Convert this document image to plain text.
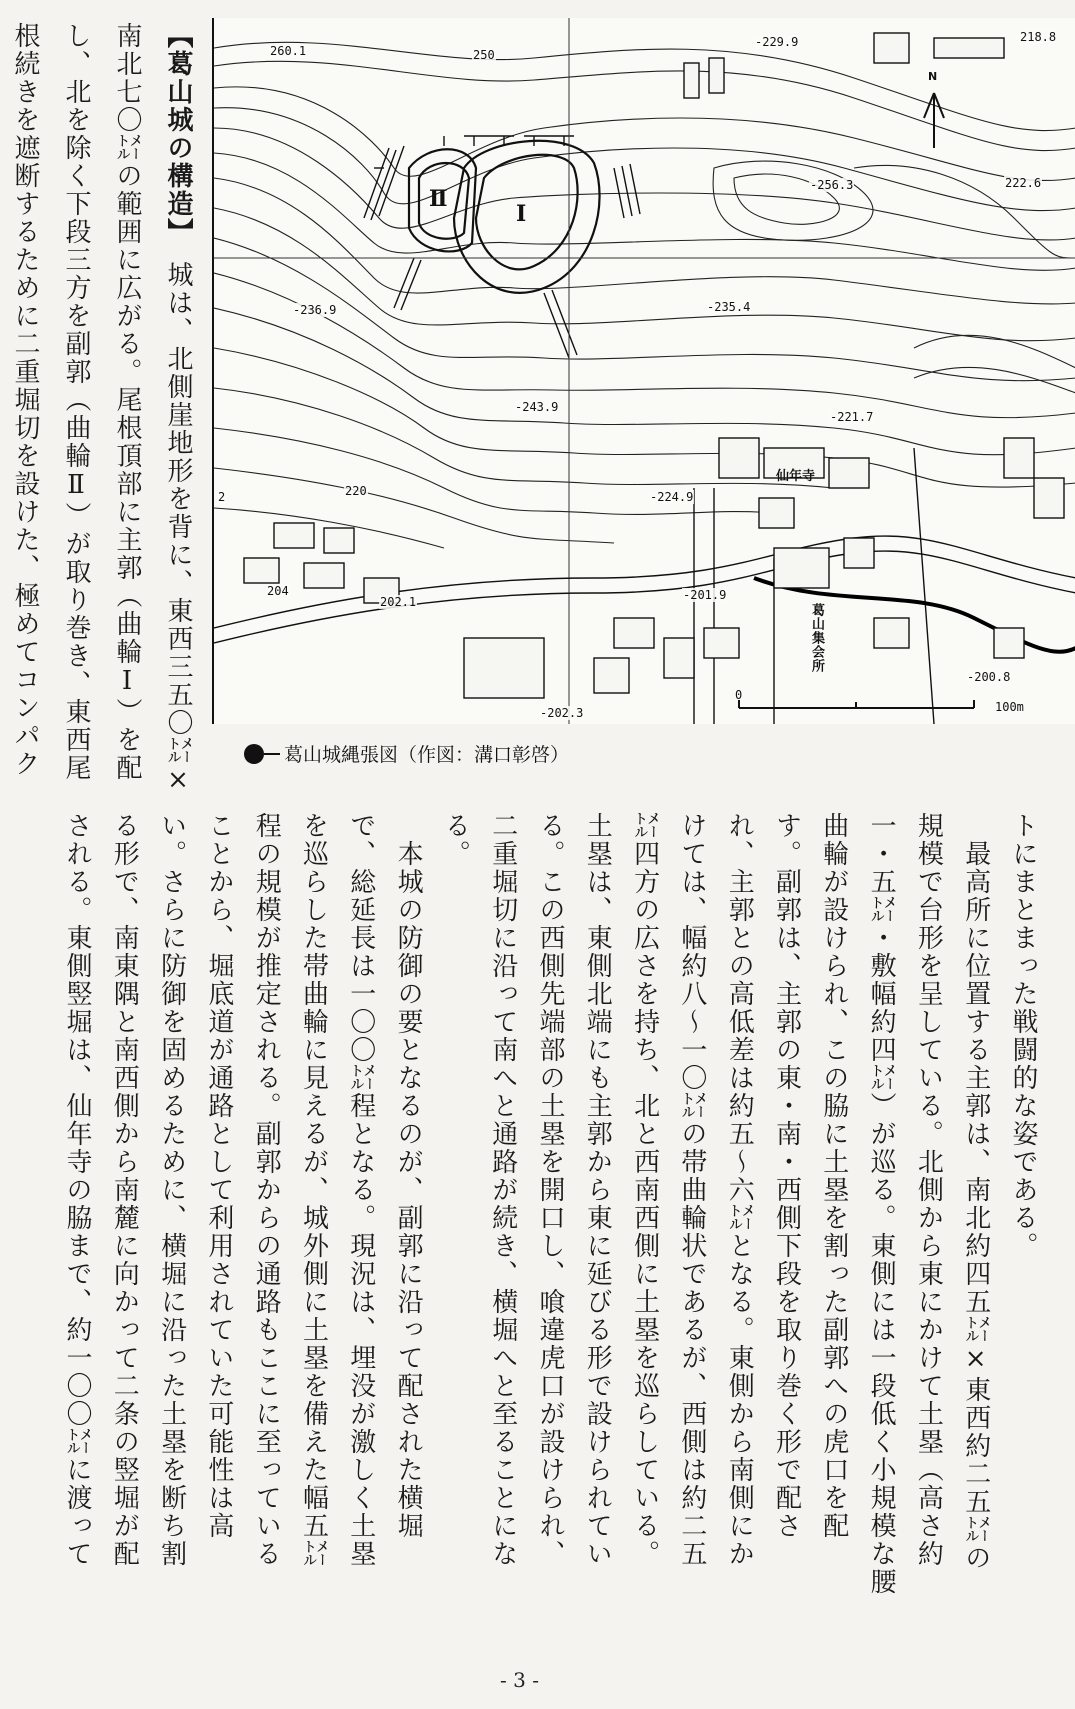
【葛山城の構造】　城は、北側崖地形を背に、東西三五〇㍍×
南北七〇㍍の範囲に広がる。尾根頂部に主郭（曲輪Ⅰ）を配
し、北を除く下段三方を副郭（曲輪Ⅱ）が取り巻き、東西尾
根続きを遮断するために二重堀切を設けた、極めてコンパク	Ⅱ
Ⅰ
260.1	250
-229.9	218.8
-256.3	222.6
-236.9	-235.4
-243.9
-221.7
220	-224.9
204
202.1	-201.9
-202.3
-200.8
2
仙年寺
葛山集会所
N
0
100m
葛山城縄張図（作図：溝口彰啓）
トにまとまった戦闘的な姿である。
　最高所に位置する主郭は、南北約四五㍍×東西約二五㍍の
規模で台形を呈している。北側から東にかけて土塁（高さ約
一・五㍍・敷幅約四㍍）が巡る。東側には一段低く小規模な腰
曲輪が設けられ、この脇に土塁を割った副郭への虎口を配
す。副郭は、主郭の東・南・西側下段を取り巻く形で配さ
れ、主郭との高低差は約五～六㍍となる。東側から南側にか
けては、幅約八～一〇㍍の帯曲輪状であるが、西側は約二五
㍍四方の広さを持ち、北と西南西側に土塁を巡らしている。
土塁は、東側北端にも主郭から東に延びる形で設けられてい
る。この西側先端部の土塁を開口し、喰違虎口が設けられ、
二重堀切に沿って南へと通路が続き、横堀へと至ることにな
る。
　本城の防御の要となるのが、副郭に沿って配された横堀
で、総延長は一〇〇㍍程となる。現況は、埋没が激しく土塁
を巡らした帯曲輪に見えるが、城外側に土塁を備えた幅五㍍
程の規模が推定される。副郭からの通路もここに至っている
ことから、堀底道が通路として利用されていた可能性は高
い。さらに防御を固めるために、横堀に沿った土塁を断ち割
る形で、南東隅と南西側から南麓に向かって二条の竪堀が配
される。東側竪堀は、仙年寺の脇まで、約一〇〇㍍に渡って
- 3 -
